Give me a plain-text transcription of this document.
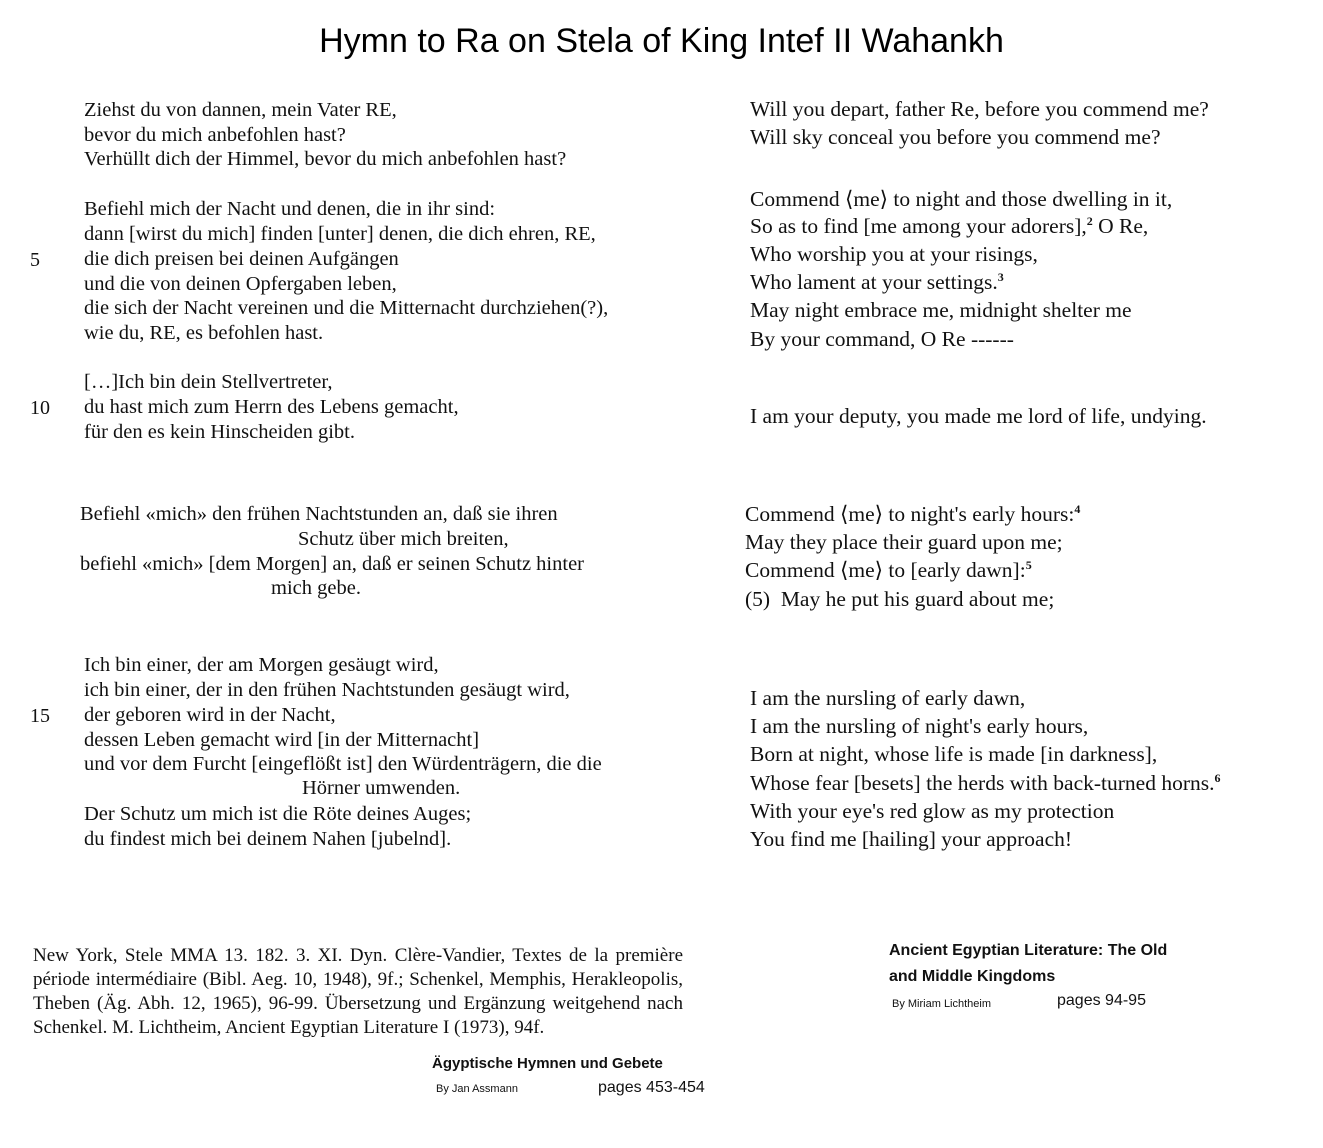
Hymn to Ra on Stela of King Intef II Wahankh
Ziehst du von dannen, mein Vater RE,
bevor du mich anbefohlen hast?
Verhüllt dich der Himmel, bevor du mich anbefohlen hast?
Befiehl mich der Nacht und denen, die in ihr sind:
dann [wirst du mich] finden [unter] denen, die dich ehren, RE,
5 die dich preisen bei deinen Aufgängen
und die von deinen Opfergaben leben,
die sich der Nacht vereinen und die Mitternacht durchziehen(?),
wie du, RE, es befohlen hast.
[…]Ich bin dein Stellvertreter,
10 du hast mich zum Herrn des Lebens gemacht,
für den es kein Hinscheiden gibt.
Befiehl «mich» den frühen Nachtstunden an, daß sie ihren
Schutz über mich breiten,
befiehl «mich» [dem Morgen] an, daß er seinen Schutz hinter
mich gebe.
Ich bin einer, der am Morgen gesäugt wird,
ich bin einer, der in den frühen Nachtstunden gesäugt wird,
15 der geboren wird in der Nacht,
dessen Leben gemacht wird [in der Mitternacht]
und vor dem Furcht [eingeflößt ist] den Würdenträgern, die die
Hörner umwenden.
Der Schutz um mich ist die Röte deines Auges;
du findest mich bei deinem Nahen [jubelnd].
Will you depart, father Re, before you commend me?
Will sky conceal you before you commend me?
Commend ⟨me⟩ to night and those dwelling in it,
So as to find [me among your adorers],$^2$ O Re,
Who worship you at your risings,
Who lament at your settings.$^3$
May night embrace me, midnight shelter me
By your command, O Re ------
I am your deputy, you made me lord of life, undying.
Commend ⟨me⟩ to night's early hours:$^4$
May they place their guard upon me;
Commend ⟨me⟩ to [early dawn]:$^5$
(5)  May he put his guard about me;
I am the nursling of early dawn,
I am the nursling of night's early hours,
Born at night, whose life is made [in darkness],
Whose fear [besets] the herds with back-turned horns.$^6$
With your eye's red glow as my protection
You find me [hailing] your approach!
New York, Stele MMA 13. 182. 3. XI. Dyn. Clère-Vandier, Textes de la première période intermédiaire (Bibl. Aeg. 10, 1948), 9f.; Schenkel, Memphis, Herakleopolis, Theben (Äg. Abh. 12, 1965), 96-99. Übersetzung und Ergänzung weitgehend nach Schenkel. M. Lichtheim, Ancient Egyptian Literature I (1973), 94f.
Ägyptische Hymnen und Gebete
By Jan Assmann	pages 453-454
Ancient Egyptian Literature: The Old
and Middle Kingdoms
By Miriam Lichtheim	pages 94-95
